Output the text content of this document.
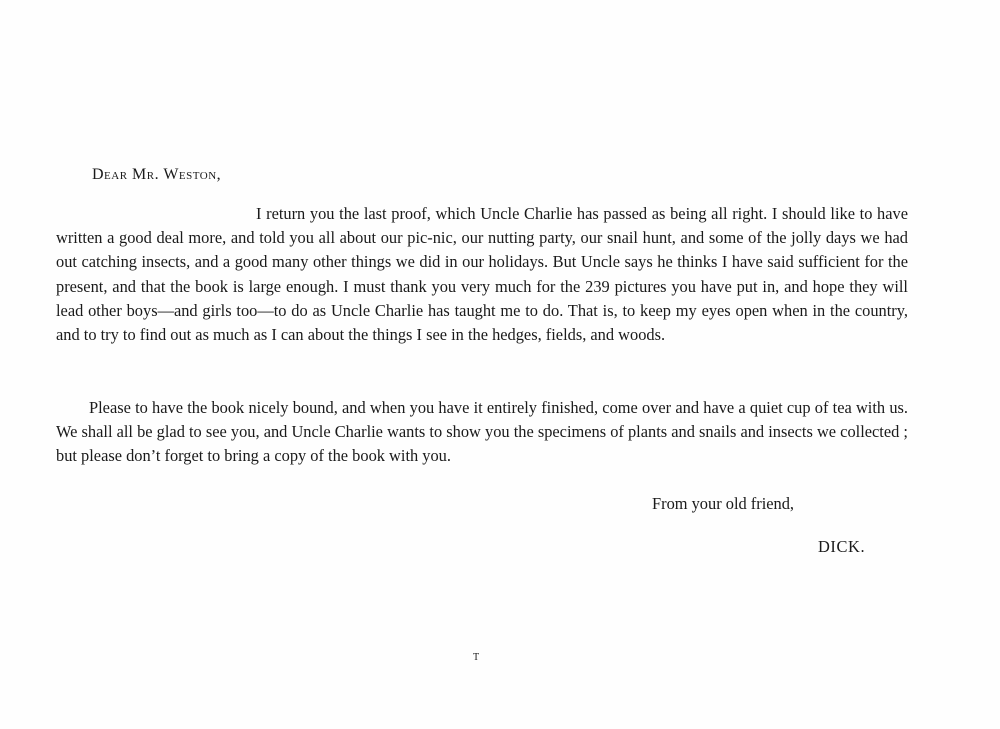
Dear Mr. Weston,

I return you the last proof, which Uncle Charlie has passed as being all right. I should like to have written a good deal more, and told you all about our pic-nic, our nutting party, our snail hunt, and some of the jolly days we had out catching insects, and a good many other things we did in our holidays. But Uncle says he thinks I have said sufficient for the present, and that the book is large enough. I must thank you very much for the 239 pictures you have put in, and hope they will lead other boys—and girls too—to do as Uncle Charlie has taught me to do. That is, to keep my eyes open when in the country, and to try to find out as much as I can about the things I see in the hedges, fields, and woods.

Please to have the book nicely bound, and when you have it entirely finished, come over and have a quiet cup of tea with us. We shall all be glad to see you, and Uncle Charlie wants to show you the specimens of plants and snails and insects we collected ; but please don’t forget to bring a copy of the book with you.

From your old friend,
DICK.
T
